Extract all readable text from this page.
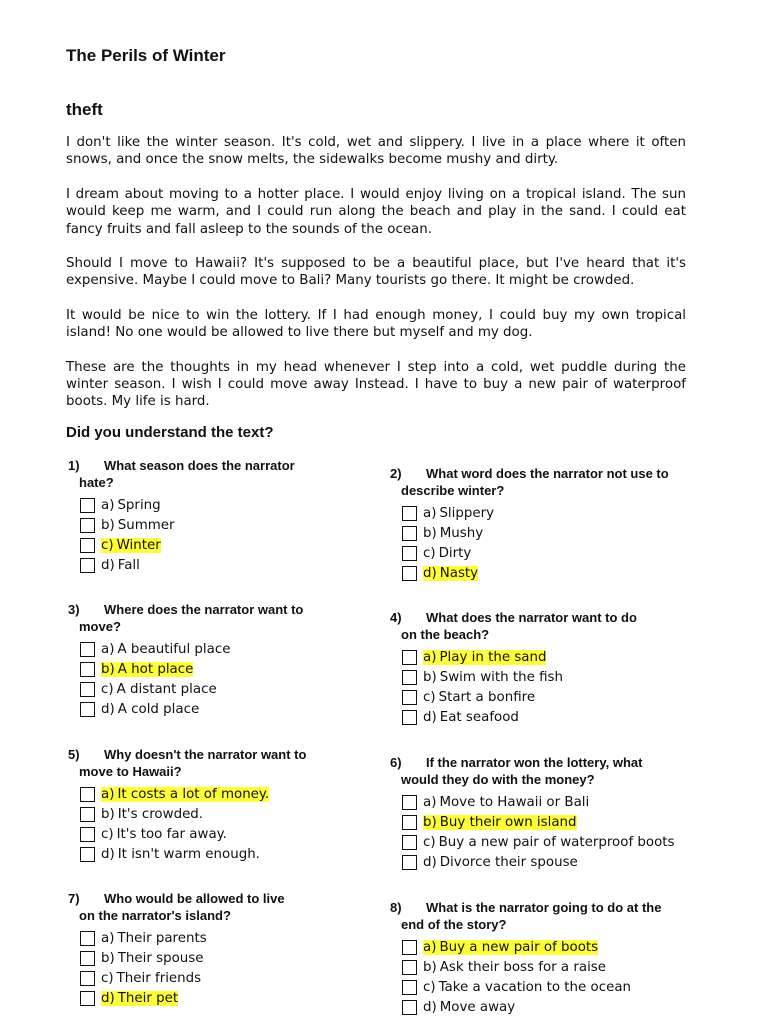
The Perils of Winter
theft

I don't like the winter season. It's cold, wet and slippery. I live in a place where it often snows, and once the snow melts, the sidewalks become mushy and dirty.

I dream about moving to a hotter place. I would enjoy living on a tropical island. The sun would keep me warm, and I could run along the beach and play in the sand. I could eat fancy fruits and fall asleep to the sounds of the ocean.

Should I move to Hawaii? It's supposed to be a beautiful place, but I've heard that it's expensive. Maybe I could move to Bali? Many tourists go there. It might be crowded.

It would be nice to win the lottery. If I had enough money, I could buy my own tropical island! No one would be allowed to live there but myself and my dog.

These are the thoughts in my head whenever I step into a cold, wet puddle during the winter season. I wish I could move away Instead. I have to buy a new pair of waterproof boots. My life is hard.

Did you understand the text?
1) What season does the narrator
hate?
a) Spring
b) Summer
c) Winter
d) Fall
2) What word does the narrator not use to
describe winter?
a) Slippery
b) Mushy
c) Dirty
d) Nasty
3) Where does the narrator want to
move?
a) A beautiful place
b) A hot place
c) A distant place
d) A cold place
4) What does the narrator want to do
on the beach?
a) Play in the sand
b) Swim with the fish
c) Start a bonfire
d) Eat seafood
5) Why doesn't the narrator want to
move to Hawaii?
a) It costs a lot of money.
b) It's crowded.
c) It's too far away.
d) It isn't warm enough.
6) If the narrator won the lottery, what
would they do with the money?
a) Move to Hawaii or Bali
b) Buy their own island
c) Buy a new pair of waterproof boots
d) Divorce their spouse
7) Who would be allowed to live
on the narrator's island?
a) Their parents
b) Their spouse
c) Their friends
d) Their pet
8) What is the narrator going to do at the
end of the story?
a) Buy a new pair of boots
b) Ask their boss for a raise
c) Take a vacation to the ocean
d) Move away
